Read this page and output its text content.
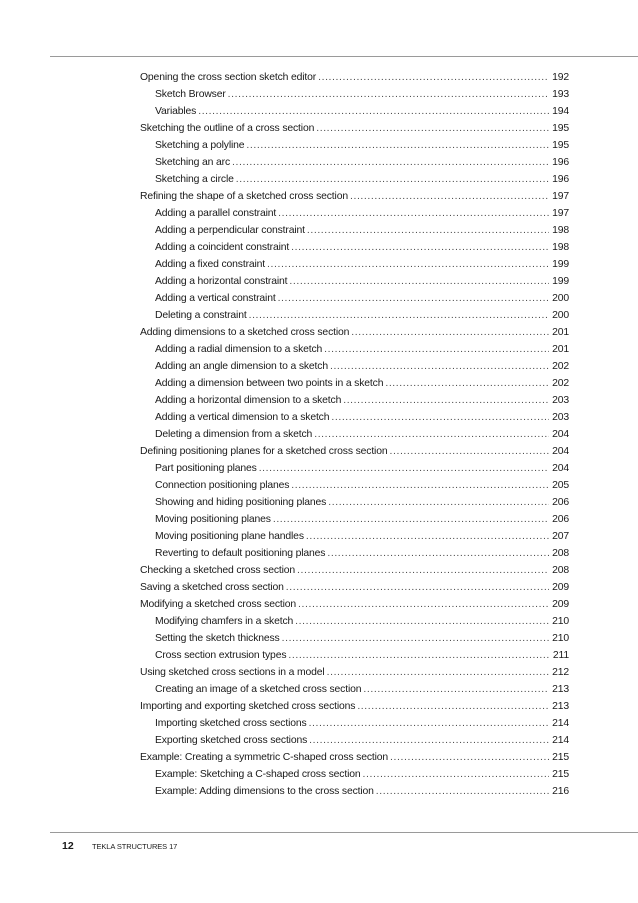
Opening the cross section sketch editor .....	192
Sketch Browser .....	193
Variables .....	194
Sketching the outline of a cross section .....	195
Sketching a polyline .....	195
Sketching an arc .....	196
Sketching a circle .....	196
Refining the shape of a sketched cross section .....	197
Adding a parallel constraint .....	197
Adding a perpendicular constraint .....	198
Adding a coincident constraint .....	198
Adding a fixed constraint .....	199
Adding a horizontal constraint .....	199
Adding a vertical constraint .....	200
Deleting a constraint .....	200
Adding dimensions to a sketched cross section .....	201
Adding a radial dimension to a sketch .....	201
Adding an angle dimension to a sketch .....	202
Adding a dimension between two points in a sketch .....	202
Adding a horizontal dimension to a sketch .....	203
Adding a vertical dimension to a sketch .....	203
Deleting a dimension from a sketch .....	204
Defining positioning planes for a sketched cross section .....	204
Part positioning planes .....	204
Connection positioning planes .....	205
Showing and hiding positioning planes .....	206
Moving positioning planes .....	206
Moving positioning plane handles .....	207
Reverting to default positioning planes .....	208
Checking a sketched cross section .....	208
Saving a sketched cross section .....	209
Modifying a sketched cross section .....	209
Modifying chamfers in a sketch .....	210
Setting the sketch thickness .....	210
Cross section extrusion types .....	211
Using sketched cross sections in a model .....	212
Creating an image of a sketched cross section .....	213
Importing and exporting sketched cross sections .....	213
Importing sketched cross sections .....	214
Exporting sketched cross sections .....	214
Example: Creating a symmetric C-shaped cross section .....	215
Example: Sketching a C-shaped cross section .....	215
Example: Adding dimensions to the cross section .....	216
12	TEKLA STRUCTURES 17
